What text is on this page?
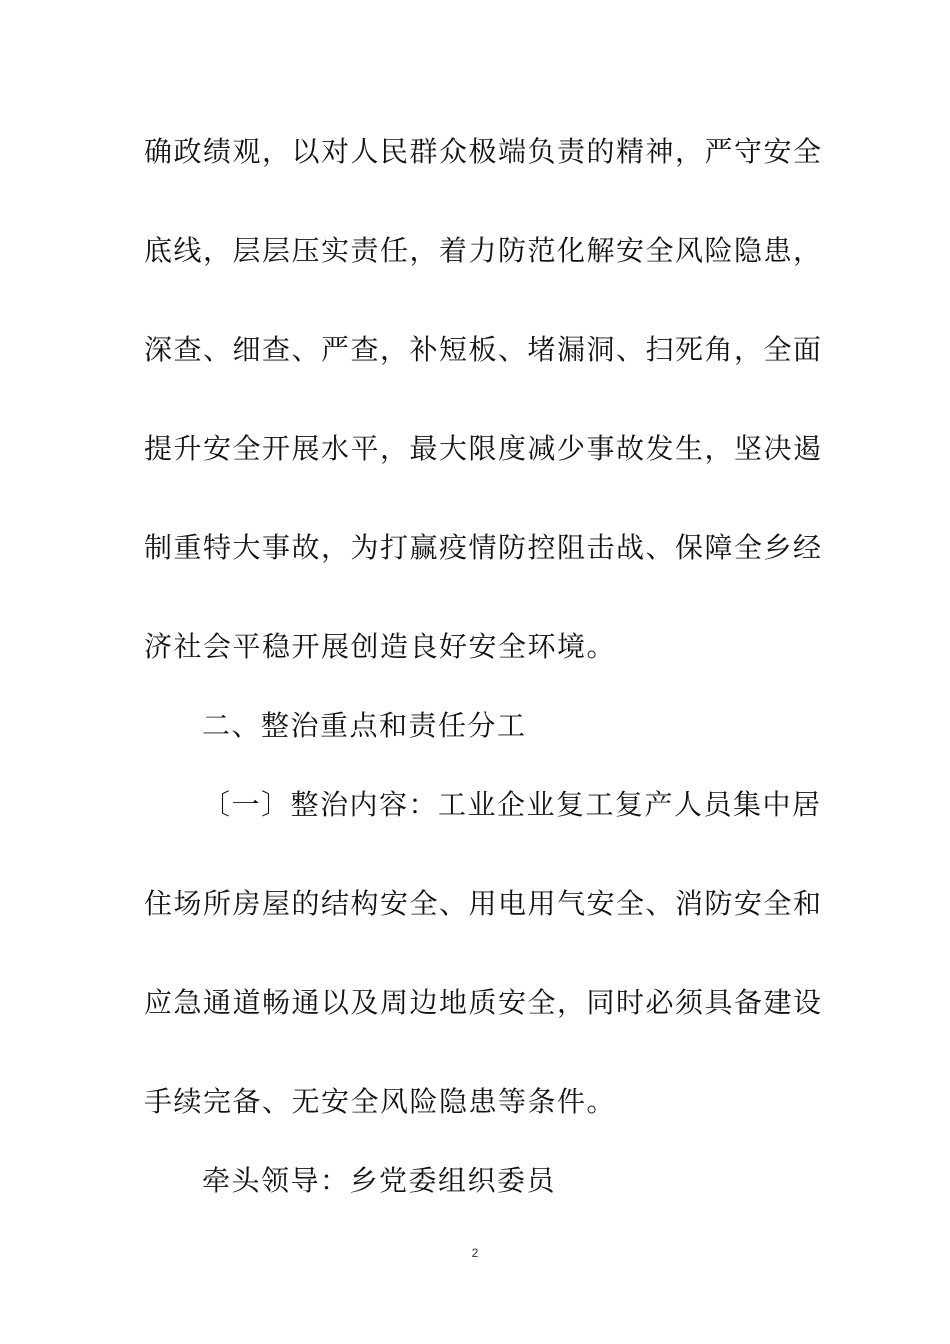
确政绩观，以对人民群众极端负责的精神，严守安全
底线，层层压实责任，着力防范化解安全风险隐患，
深查、细查、严查，补短板、堵漏洞、扫死角，全面
提升安全开展水平，最大限度减少事故发生，坚决遏
制重特大事故，为打赢疫情防控阻击战、保障全乡经
济社会平稳开展创造良好安全环境。
二、整治重点和责任分工
〔一〕整治内容：工业企业复工复产人员集中居
住场所房屋的结构安全、用电用气安全、消防安全和
应急通道畅通以及周边地质安全，同时必须具备建设
手续完备、无安全风险隐患等条件。
牵头领导：乡党委组织委员
2
